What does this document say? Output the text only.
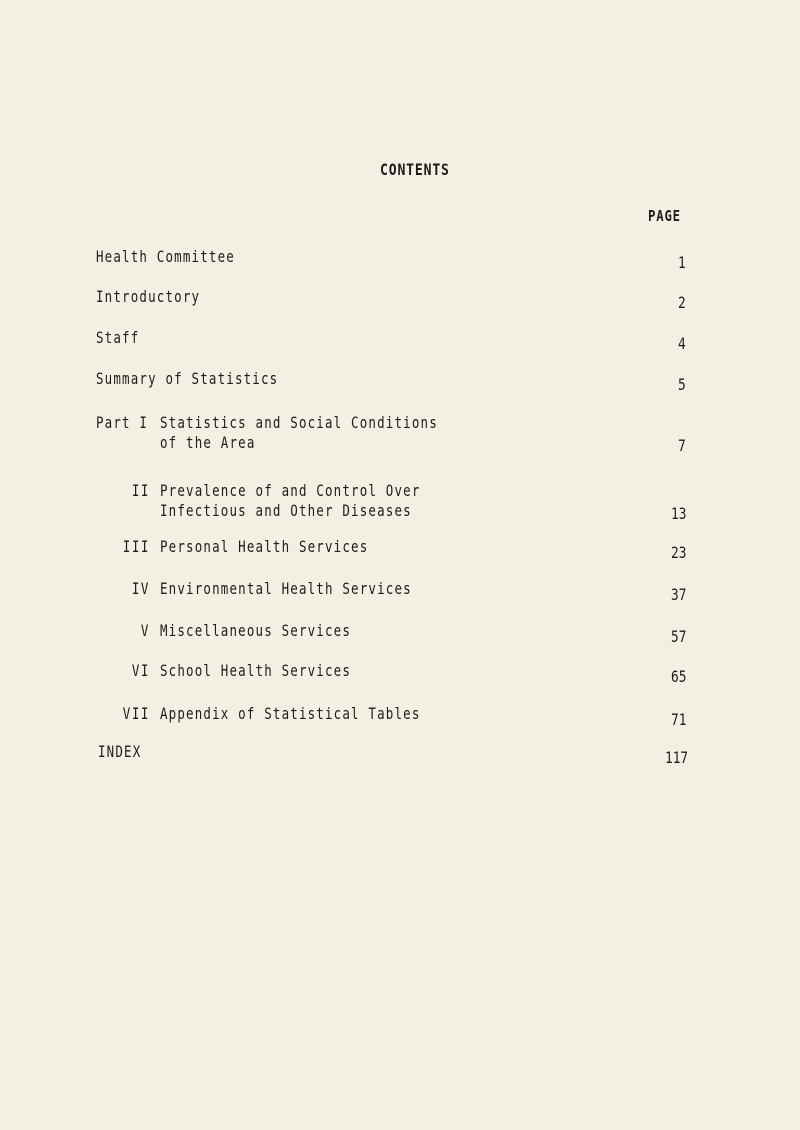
CONTENTS
PAGE
Health Committee	1
Introductory	2
Staff	4
Summary of Statistics	5
Part I Statistics and Social Conditions
of the Area	7
II Prevalence of and Control Over
Infectious and Other Diseases	13
III Personal Health Services	23
IV Environmental Health Services	37
V Miscellaneous Services	57
VI School Health Services	65
VII Appendix of Statistical Tables	71
INDEX	117
